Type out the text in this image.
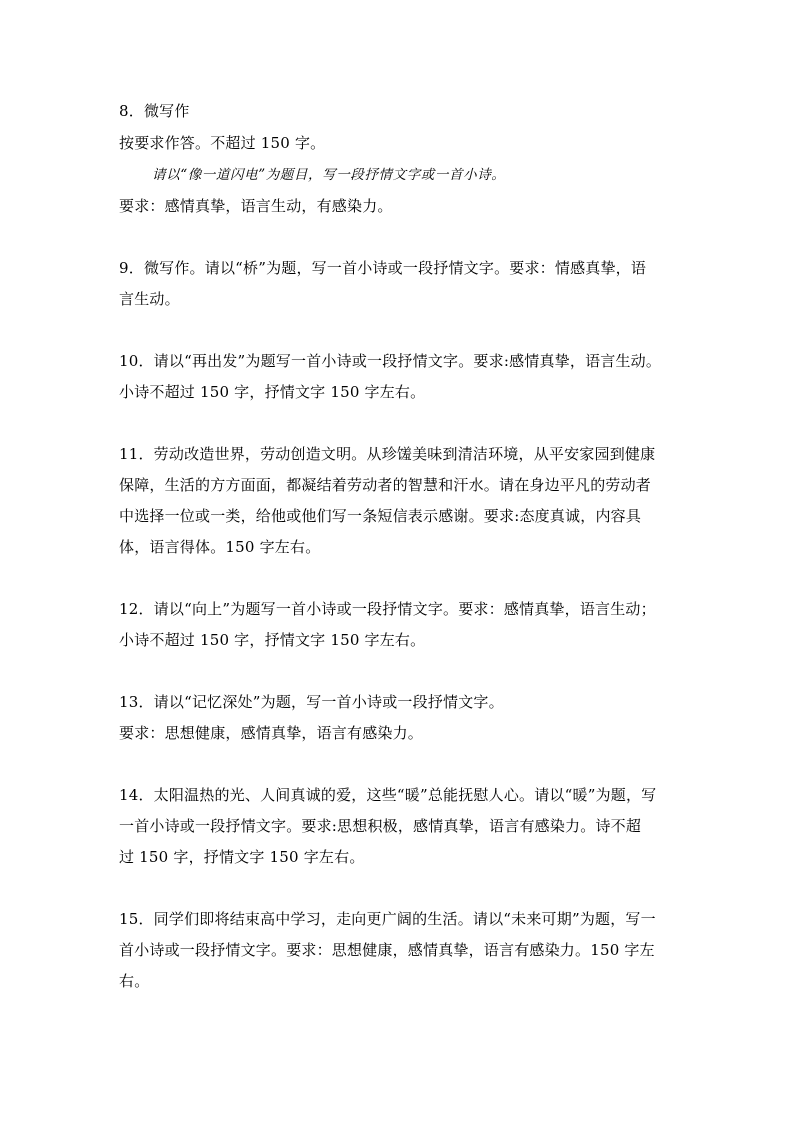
8．微写作
按要求作答。不超过 150 字。
请以“像一道闪电”为题目，写一段抒情文字或一首小诗。
要求：感情真挚，语言生动，有感染力。
9．微写作。请以“桥”为题，写一首小诗或一段抒情文字。要求：情感真挚，语
言生动。
10．请以“再出发”为题写一首小诗或一段抒情文字。要求:感情真挚，语言生动。
小诗不超过 150 字，抒情文字 150 字左右。
11．劳动改造世界，劳动创造文明。从珍馐美味到清洁环境，从平安家园到健康
保障，生活的方方面面，都凝结着劳动者的智慧和汗水。请在身边平凡的劳动者
中选择一位或一类，给他或他们写一条短信表示感谢。要求:态度真诚，内容具
体，语言得体。150 字左右。
12．请以“向上”为题写一首小诗或一段抒情文字。要求：感情真挚，语言生动；
小诗不超过 150 字，抒情文字 150 字左右。
13．请以“记忆深处”为题，写一首小诗或一段抒情文字。
要求：思想健康，感情真挚，语言有感染力。
14．太阳温热的光、人间真诚的爱，这些“暖”总能抚慰人心。请以“暖”为题，写
一首小诗或一段抒情文字。要求:思想积极，感情真挚，语言有感染力。诗不超
过 150 字，抒情文字 150 字左右。
15．同学们即将结束高中学习，走向更广阔的生活。请以“未来可期”为题，写一
首小诗或一段抒情文字。要求：思想健康，感情真挚，语言有感染力。150 字左
右。
